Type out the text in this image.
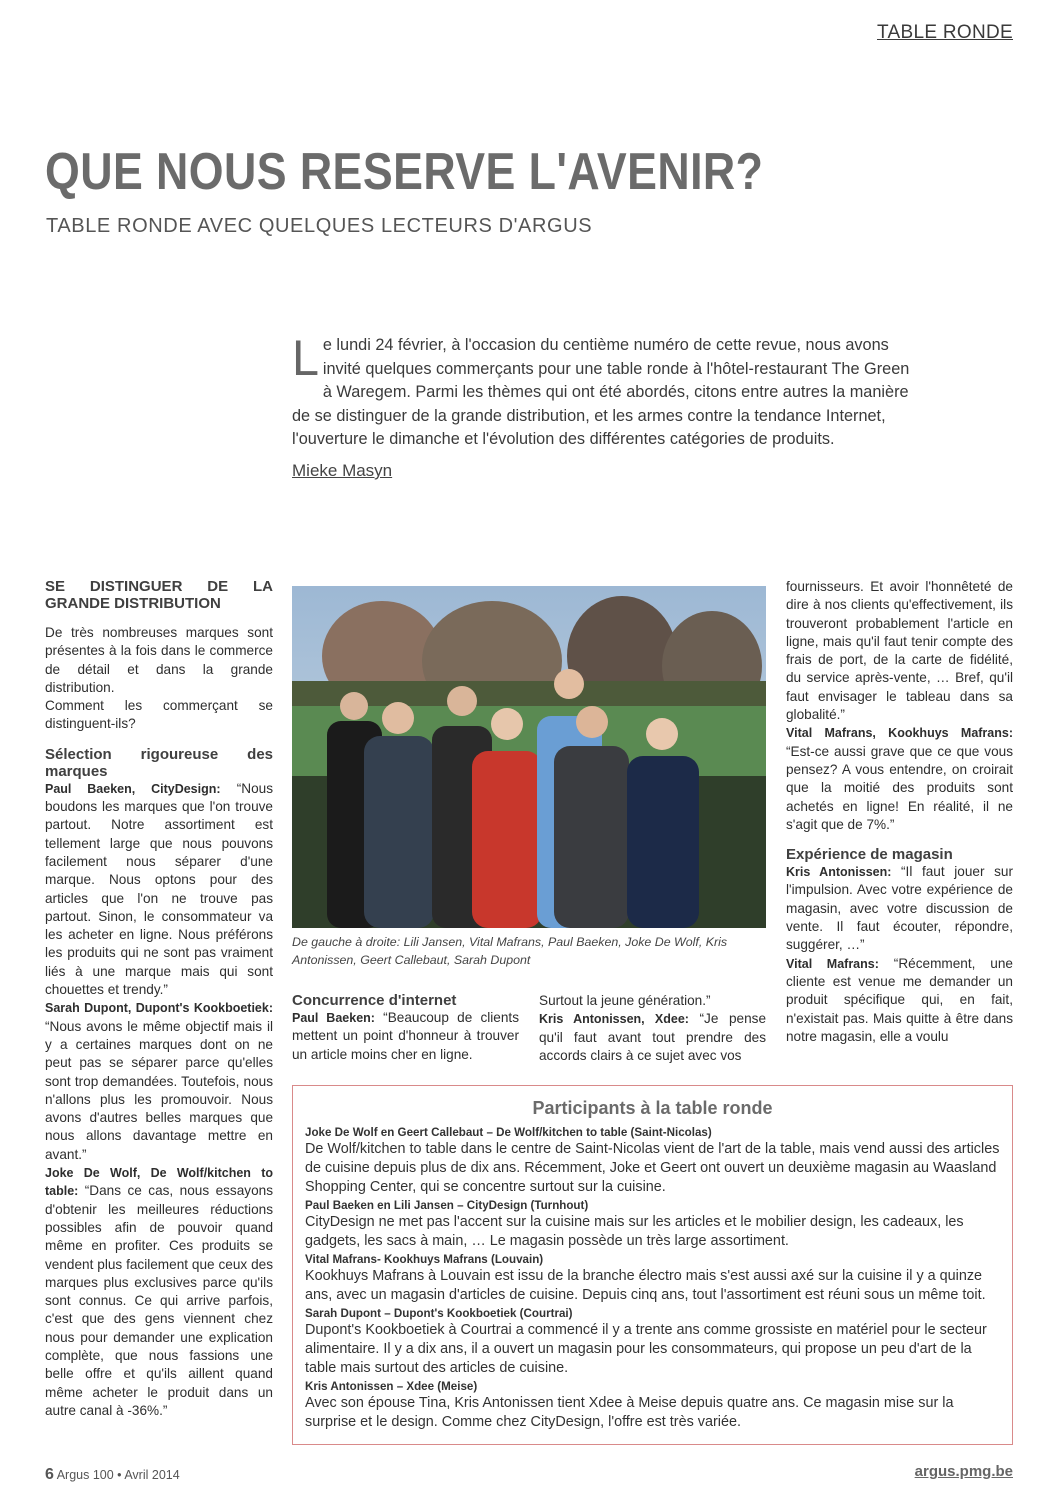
TABLE RONDE
QUE NOUS RESERVE L'AVENIR?
TABLE RONDE AVEC QUELQUES LECTEURS D'ARGUS
Le lundi 24 février, à l'occasion du centième numéro de cette revue, nous avons invité quelques commerçants pour une table ronde à l'hôtel-restaurant The Green à Waregem. Parmi les thèmes qui ont été abordés, citons entre autres la manière de se distinguer de la grande distribution, et les armes contre la tendance Internet, l'ouverture le dimanche et l'évolution des différentes catégories de produits.
Mieke Masyn
SE DISTINGUER DE LA GRANDE DISTRIBUTION

De très nombreuses marques sont présentes à la fois dans le commerce de détail et dans la grande distribution.

Comment les commerçant se distinguent-ils?

Sélection rigoureuse des marques

Paul Baeken, CityDesign: “Nous boudons les marques que l'on trouve partout. Notre assortiment est tellement large que nous pouvons facilement nous séparer d'une marque. Nous optons pour des articles que l'on ne trouve pas partout. Sinon, le consommateur va les acheter en ligne. Nous préférons les produits qui ne sont pas vraiment liés à une marque mais qui sont chouettes et trendy.”

Sarah Dupont, Dupont's Kookboetiek: “Nous avons le même objectif mais il y a certaines marques dont on ne peut pas se séparer parce qu'elles sont trop demandées. Toutefois, nous n'allons plus les promouvoir. Nous avons d'autres belles marques que nous allons davantage mettre en avant.”

Joke De Wolf, De Wolf/kitchen to table: “Dans ce cas, nous essayons d'obtenir les meilleures réductions possibles afin de pouvoir quand même en profiter. Ces produits se vendent plus facilement que ceux des marques plus exclusives parce qu'ils sont connus. Ce qui arrive parfois, c'est que des gens viennent chez nous pour demander une explication complète, que nous fassions une belle offre et qu'ils aillent quand même acheter le produit dans un autre canal à -36%.”

De gauche à droite: Lili Jansen, Vital Mafrans, Paul Baeken, Joke De Wolf, Kris Antonissen, Geert Callebaut, Sarah Dupont
Concurrence d'internet

Paul Baeken: “Beaucoup de clients mettent un point d'honneur à trouver un article moins cher en ligne.

Surtout la jeune génération.”

Kris Antonissen, Xdee: “Je pense qu'il faut avant tout prendre des accords clairs à ce sujet avec vos

fournisseurs. Et avoir l'honnêteté de dire à nos clients qu'effectivement, ils trouveront probablement l'article en ligne, mais qu'il faut tenir compte des frais de port, de la carte de fidélité, du service après-vente, … Bref, qu'il faut envisager le tableau dans sa globalité.”

Vital Mafrans, Kookhuys Mafrans: “Est-ce aussi grave que ce que vous pensez? A vous entendre, on croirait que la moitié des produits sont achetés en ligne! En réalité, il ne s'agit que de 7%.”

Expérience de magasin

Kris Antonissen: “Il faut jouer sur l'impulsion. Avec votre expérience de magasin, avec votre discussion de vente. Il faut écouter, répondre, suggérer, …”

Vital Mafrans: “Récemment, une cliente est venue me demander un produit spécifique qui, en fait, n'existait pas. Mais quitte à être dans notre magasin, elle a voulu

Participants à la table ronde
Joke De Wolf en Geert Callebaut – De Wolf/kitchen to table (Saint-Nicolas)
De Wolf/kitchen to table dans le centre de Saint-Nicolas vient de l'art de la table, mais vend aussi des articles de cuisine depuis plus de dix ans. Récemment, Joke et Geert ont ouvert un deuxième magasin au Waasland Shopping Center, qui se concentre surtout sur la cuisine.
Paul Baeken en Lili Jansen – CityDesign (Turnhout)
CityDesign ne met pas l'accent sur la cuisine mais sur les articles et le mobilier design, les cadeaux, les gadgets, les sacs à main, … Le magasin possède un très large assortiment.
Vital Mafrans- Kookhuys Mafrans (Louvain)
Kookhuys Mafrans à Louvain est issu de la branche électro mais s'est aussi axé sur la cuisine il y a quinze ans, avec un magasin d'articles de cuisine. Depuis cinq ans, tout l'assortiment est réuni sous un même toit.
Sarah Dupont – Dupont's Kookboetiek (Courtrai)
Dupont's Kookboetiek à Courtrai a commencé il y a trente ans comme grossiste en matériel pour le secteur alimentaire. Il y a dix ans, il a ouvert un magasin pour les consommateurs, qui propose un peu d'art de la table mais surtout des articles de cuisine.
Kris Antonissen – Xdee (Meise)
Avec son épouse Tina, Kris Antonissen tient Xdee à Meise depuis quatre ans. Ce magasin mise sur la surprise et le design. Comme chez CityDesign, l'offre est très variée.
6 Argus 100 • Avril 2014	argus.pmg.be
